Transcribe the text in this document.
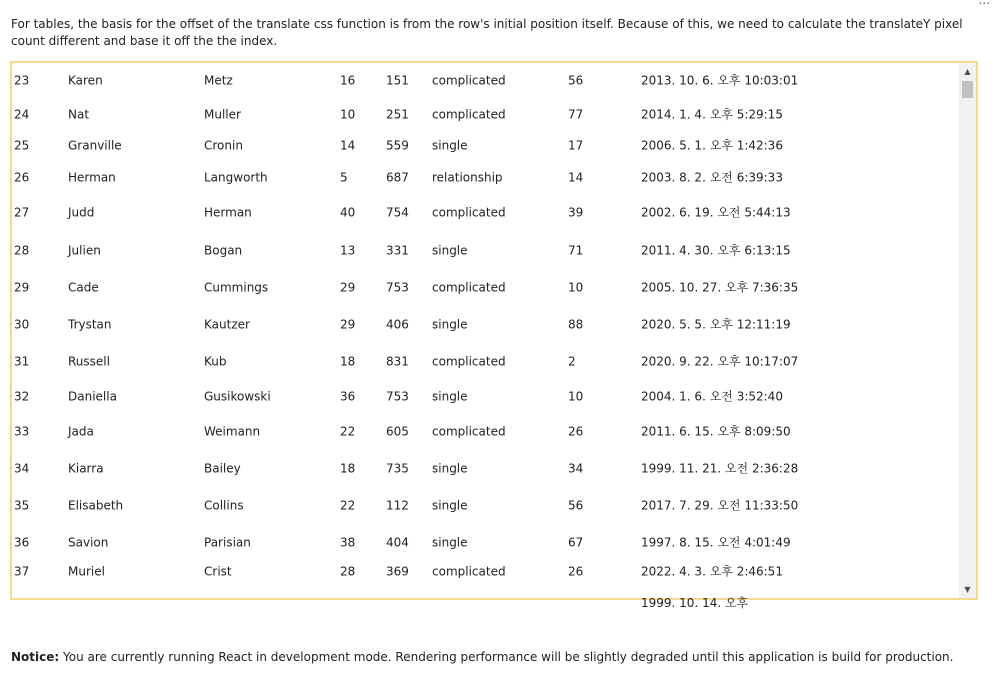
...
For tables, the basis for the offset of the translate css function is from the row's initial position itself. Because of this, we need to calculate the translateY pixel count different and base it off the the index.
23	Karen	Metz	16	151 complicated	56	2013. 10. 6. 오후 10:03:01
24	Nat	Muller	10	251 complicated	77	2014. 1. 4. 오후 5:29:15
25	Granville	Cronin	14	559 single	17	2006. 5. 1. 오후 1:42:36
26	Herman	Langworth	5	687 relationship	14	2003. 8. 2. 오전 6:39:33
27	Judd	Herman	40	754 complicated	39	2002. 6. 19. 오전 5:44:13
28	Julien	Bogan	13	331 single	71	2011. 4. 30. 오후 6:13:15
29	Cade	Cummings	29	753 complicated	10	2005. 10. 27. 오후 7:36:35
30	Trystan	Kautzer	29	406 single	88	2020. 5. 5. 오후 12:11:19
31	Russell	Kub	18	831 complicated	2	2020. 9. 22. 오후 10:17:07
32	Daniella	Gusikowski	36	753 single	10	2004. 1. 6. 오전 3:52:40
33	Jada	Weimann	22	605 complicated	26	2011. 6. 15. 오후 8:09:50
34	Kiarra	Bailey	18	735 single	34	1999. 11. 21. 오전 2:36:28
35	Elisabeth	Collins	22	112 single	56	2017. 7. 29. 오전 11:33:50
36	Savion	Parisian	38	404 single	67	1997. 8. 15. 오전 4:01:49
37	Muriel	Crist	28	369 complicated	26	2022. 4. 3. 오후 2:46:51
1999. 10. 14. 오후
▲
▼
Notice: You are currently running React in development mode. Rendering performance will be slightly degraded until this application is build for production.
